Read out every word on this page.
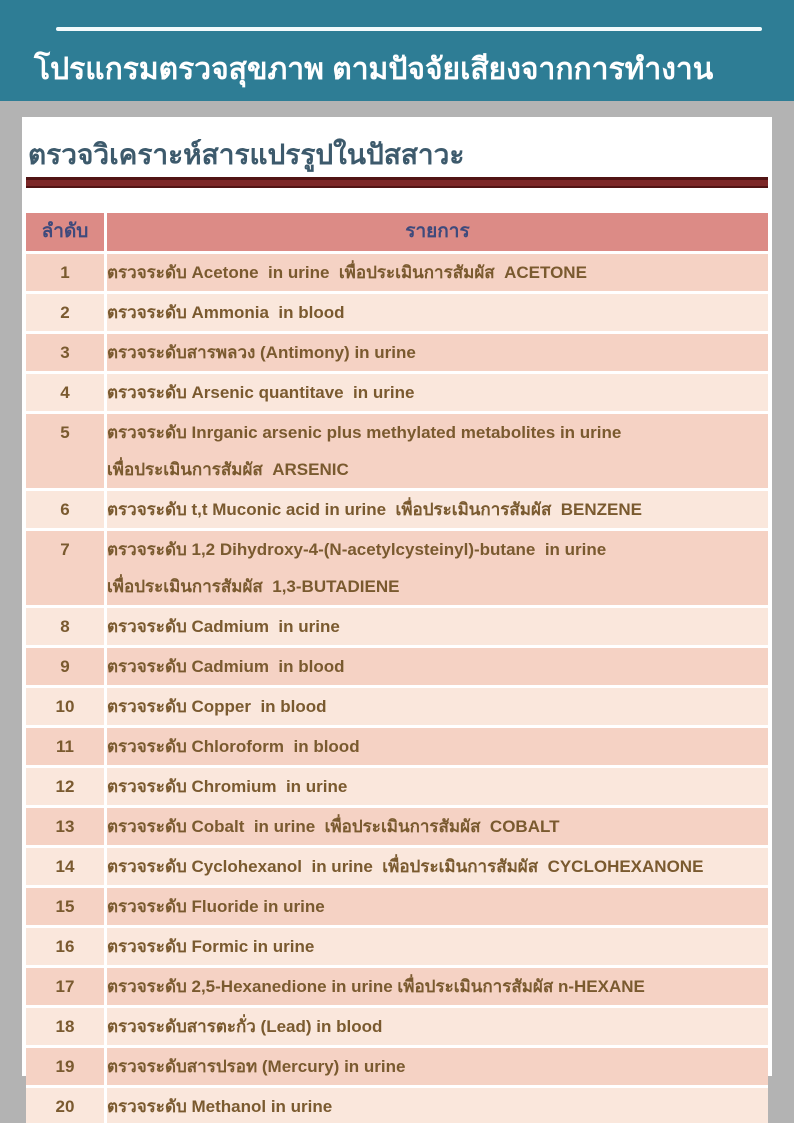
โปรแกรมตรวจสุขภาพ ตามปัจจัยเสียงจากการทำงาน
ตรวจวิเคราะห์สารแปรรูปในปัสสาวะ
ลำดับ	รายการ
1	ตรวจระดับ Acetone  in urine  เพื่อประเมินการสัมผัส  ACETONE

2	ตรวจระดับ Ammonia  in blood

3	ตรวจระดับสารพลวง (Antimony) in urine

4	ตรวจระดับ Arsenic quantitave  in urine

5	ตรวจระดับ Inrganic arsenic plus methylated metabolites in urine
เพื่อประเมินการสัมผัส  ARSENIC

6	ตรวจระดับ t,t Muconic acid in urine  เพื่อประเมินการสัมผัส  BENZENE

7	ตรวจระดับ 1,2 Dihydroxy-4-(N-acetylcysteinyl)-butane  in urine
เพื่อประเมินการสัมผัส  1,3-BUTADIENE

8	ตรวจระดับ Cadmium  in urine

9	ตรวจระดับ Cadmium  in blood

10	ตรวจระดับ Copper  in blood

11	ตรวจระดับ Chloroform  in blood

12	ตรวจระดับ Chromium  in urine

13	ตรวจระดับ Cobalt  in urine  เพื่อประเมินการสัมผัส  COBALT

14	ตรวจระดับ Cyclohexanol  in urine  เพื่อประเมินการสัมผัส  CYCLOHEXANONE

15	ตรวจระดับ Fluoride in urine

16	ตรวจระดับ Formic in urine

17	ตรวจระดับ 2,5-Hexanedione in urine เพื่อประเมินการสัมผัส n-HEXANE

18	ตรวจระดับสารตะกั่ว (Lead) in blood

19	ตรวจระดับสารปรอท (Mercury) in urine

20	ตรวจระดับ Methanol in urine
